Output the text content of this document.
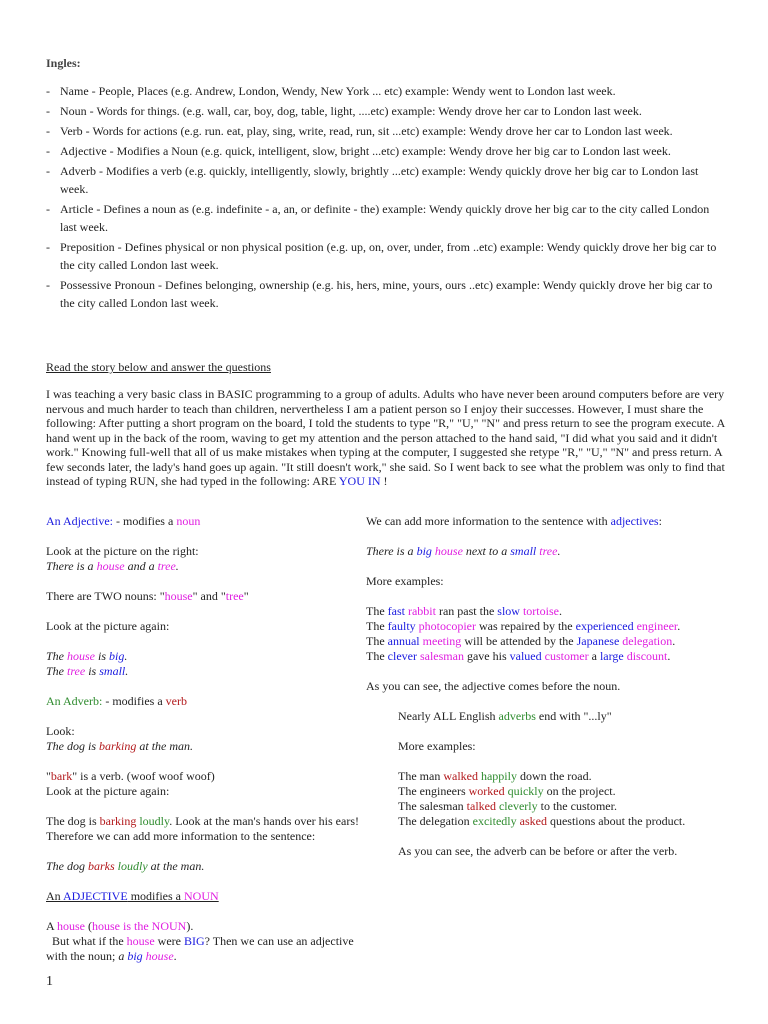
Ingles:
- Name - People, Places (e.g. Andrew, London, Wendy, New York ... etc) example: Wendy went to London last week.
- Noun - Words for things. (e.g. wall, car, boy, dog, table, light, ....etc) example: Wendy drove her car to London last week.
- Verb - Words for actions (e.g. run. eat, play, sing, write, read, run, sit ...etc) example: Wendy drove her car to London last week.
- Adjective - Modifies a Noun (e.g. quick, intelligent, slow, bright ...etc) example: Wendy drove her big car to London last week.
- Adverb - Modifies a verb (e.g. quickly, intelligently, slowly, brightly ...etc) example: Wendy quickly drove her big car to London last week.
- Article - Defines a noun as (e.g. indefinite - a, an, or definite - the) example: Wendy quickly drove her big car to the city called London last week.
- Preposition - Defines physical or non physical position (e.g. up, on, over, under, from ..etc) example: Wendy quickly drove her big car to the city called London last week.
- Possessive Pronoun - Defines belonging, ownership (e.g. his, hers, mine, yours, ours ..etc) example: Wendy quickly drove her big car to the city called London last week.
Read the story below and answer the questions

I was teaching a very basic class in BASIC programming to a group of adults. Adults who have never been around computers before are very nervous and much harder to teach than children, nervertheless I am a patient person so I enjoy their successes. However, I must share the following: After putting a short program on the board, I told the students to type "R," "U," "N" and press return to see the program execute. A hand went up in the back of the room, waving to get my attention and the person attached to the hand said, "I did what you said and it didn't work." Knowing full-well that all of us make mistakes when typing at the computer, I suggested she retype "R," "U," "N" and press return. A few seconds later, the lady's hand goes up again. "It still doesn't work," she said. So I went back to see what the problem was only to find that instead of typing RUN, she had typed in the following: ARE YOU IN !

An Adjective: - modifies a noun

Look at the picture on the right:

There is a house and a tree.

There are TWO nouns: "house" and "tree"

Look at the picture again:

The house is big.

The tree is small.

An Adverb: - modifies a verb

Look:

The dog is barking at the man.

"bark" is a verb. (woof woof woof)

Look at the picture again:

The dog is barking loudly. Look at the man's hands over his ears!

Therefore we can add more information to the sentence:

The dog barks loudly at the man.

An ADJECTIVE modifies a NOUN

A house (house is the NOUN).

But what if the house were BIG? Then we can use an adjective with the noun; a big house.

We can add more information to the sentence with adjectives:

There is a big house next to a small tree.

More examples:

The fast rabbit ran past the slow tortoise.

The faulty photocopier was repaired by the experienced engineer.

The annual meeting will be attended by the Japanese delegation.

The clever salesman gave his valued customer a large discount.

As you can see, the adjective comes before the noun.

Nearly ALL English adverbs end with "...ly"

More examples:

The man walked happily down the road.

The engineers worked quickly on the project.

The salesman talked cleverly to the customer.

The delegation excitedly asked questions about the product.

As you can see, the adverb can be before or after the verb.

1
